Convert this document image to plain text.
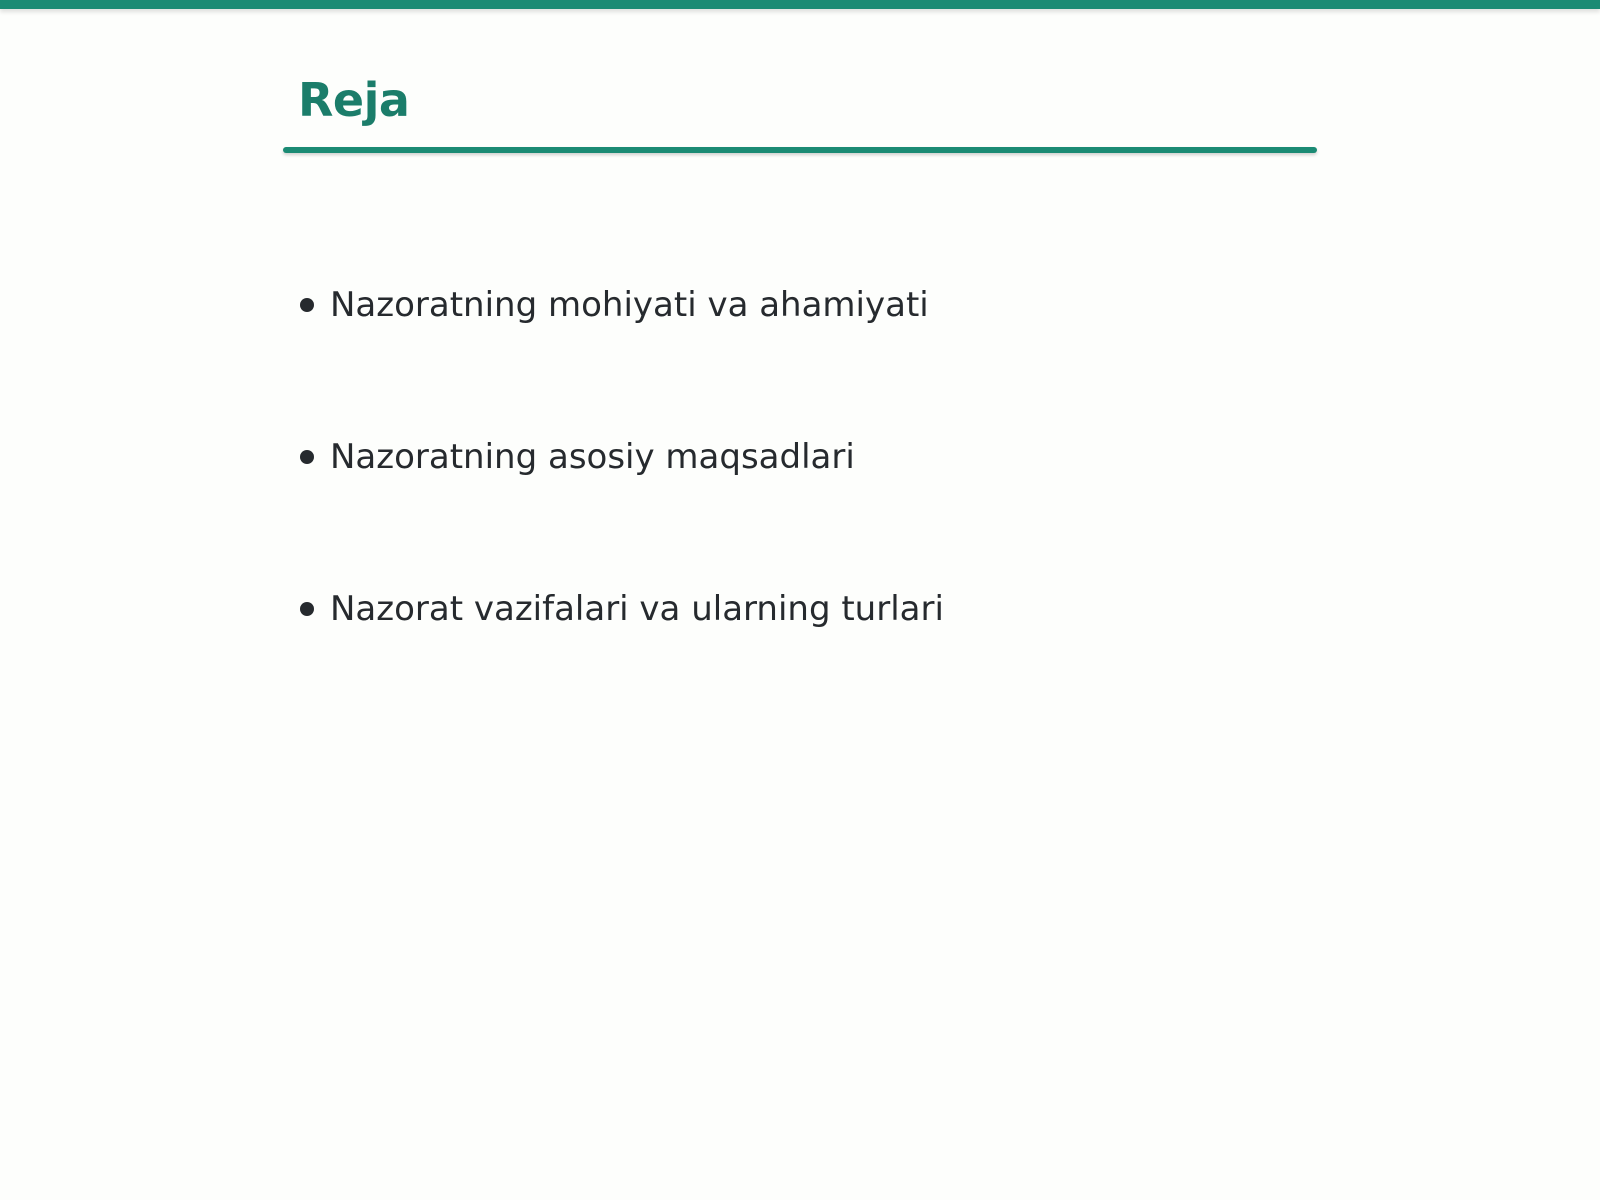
Reja
Nazoratning mohiyati va ahamiyati
Nazoratning asosiy maqsadlari
Nazorat vazifalari va ularning turlari
